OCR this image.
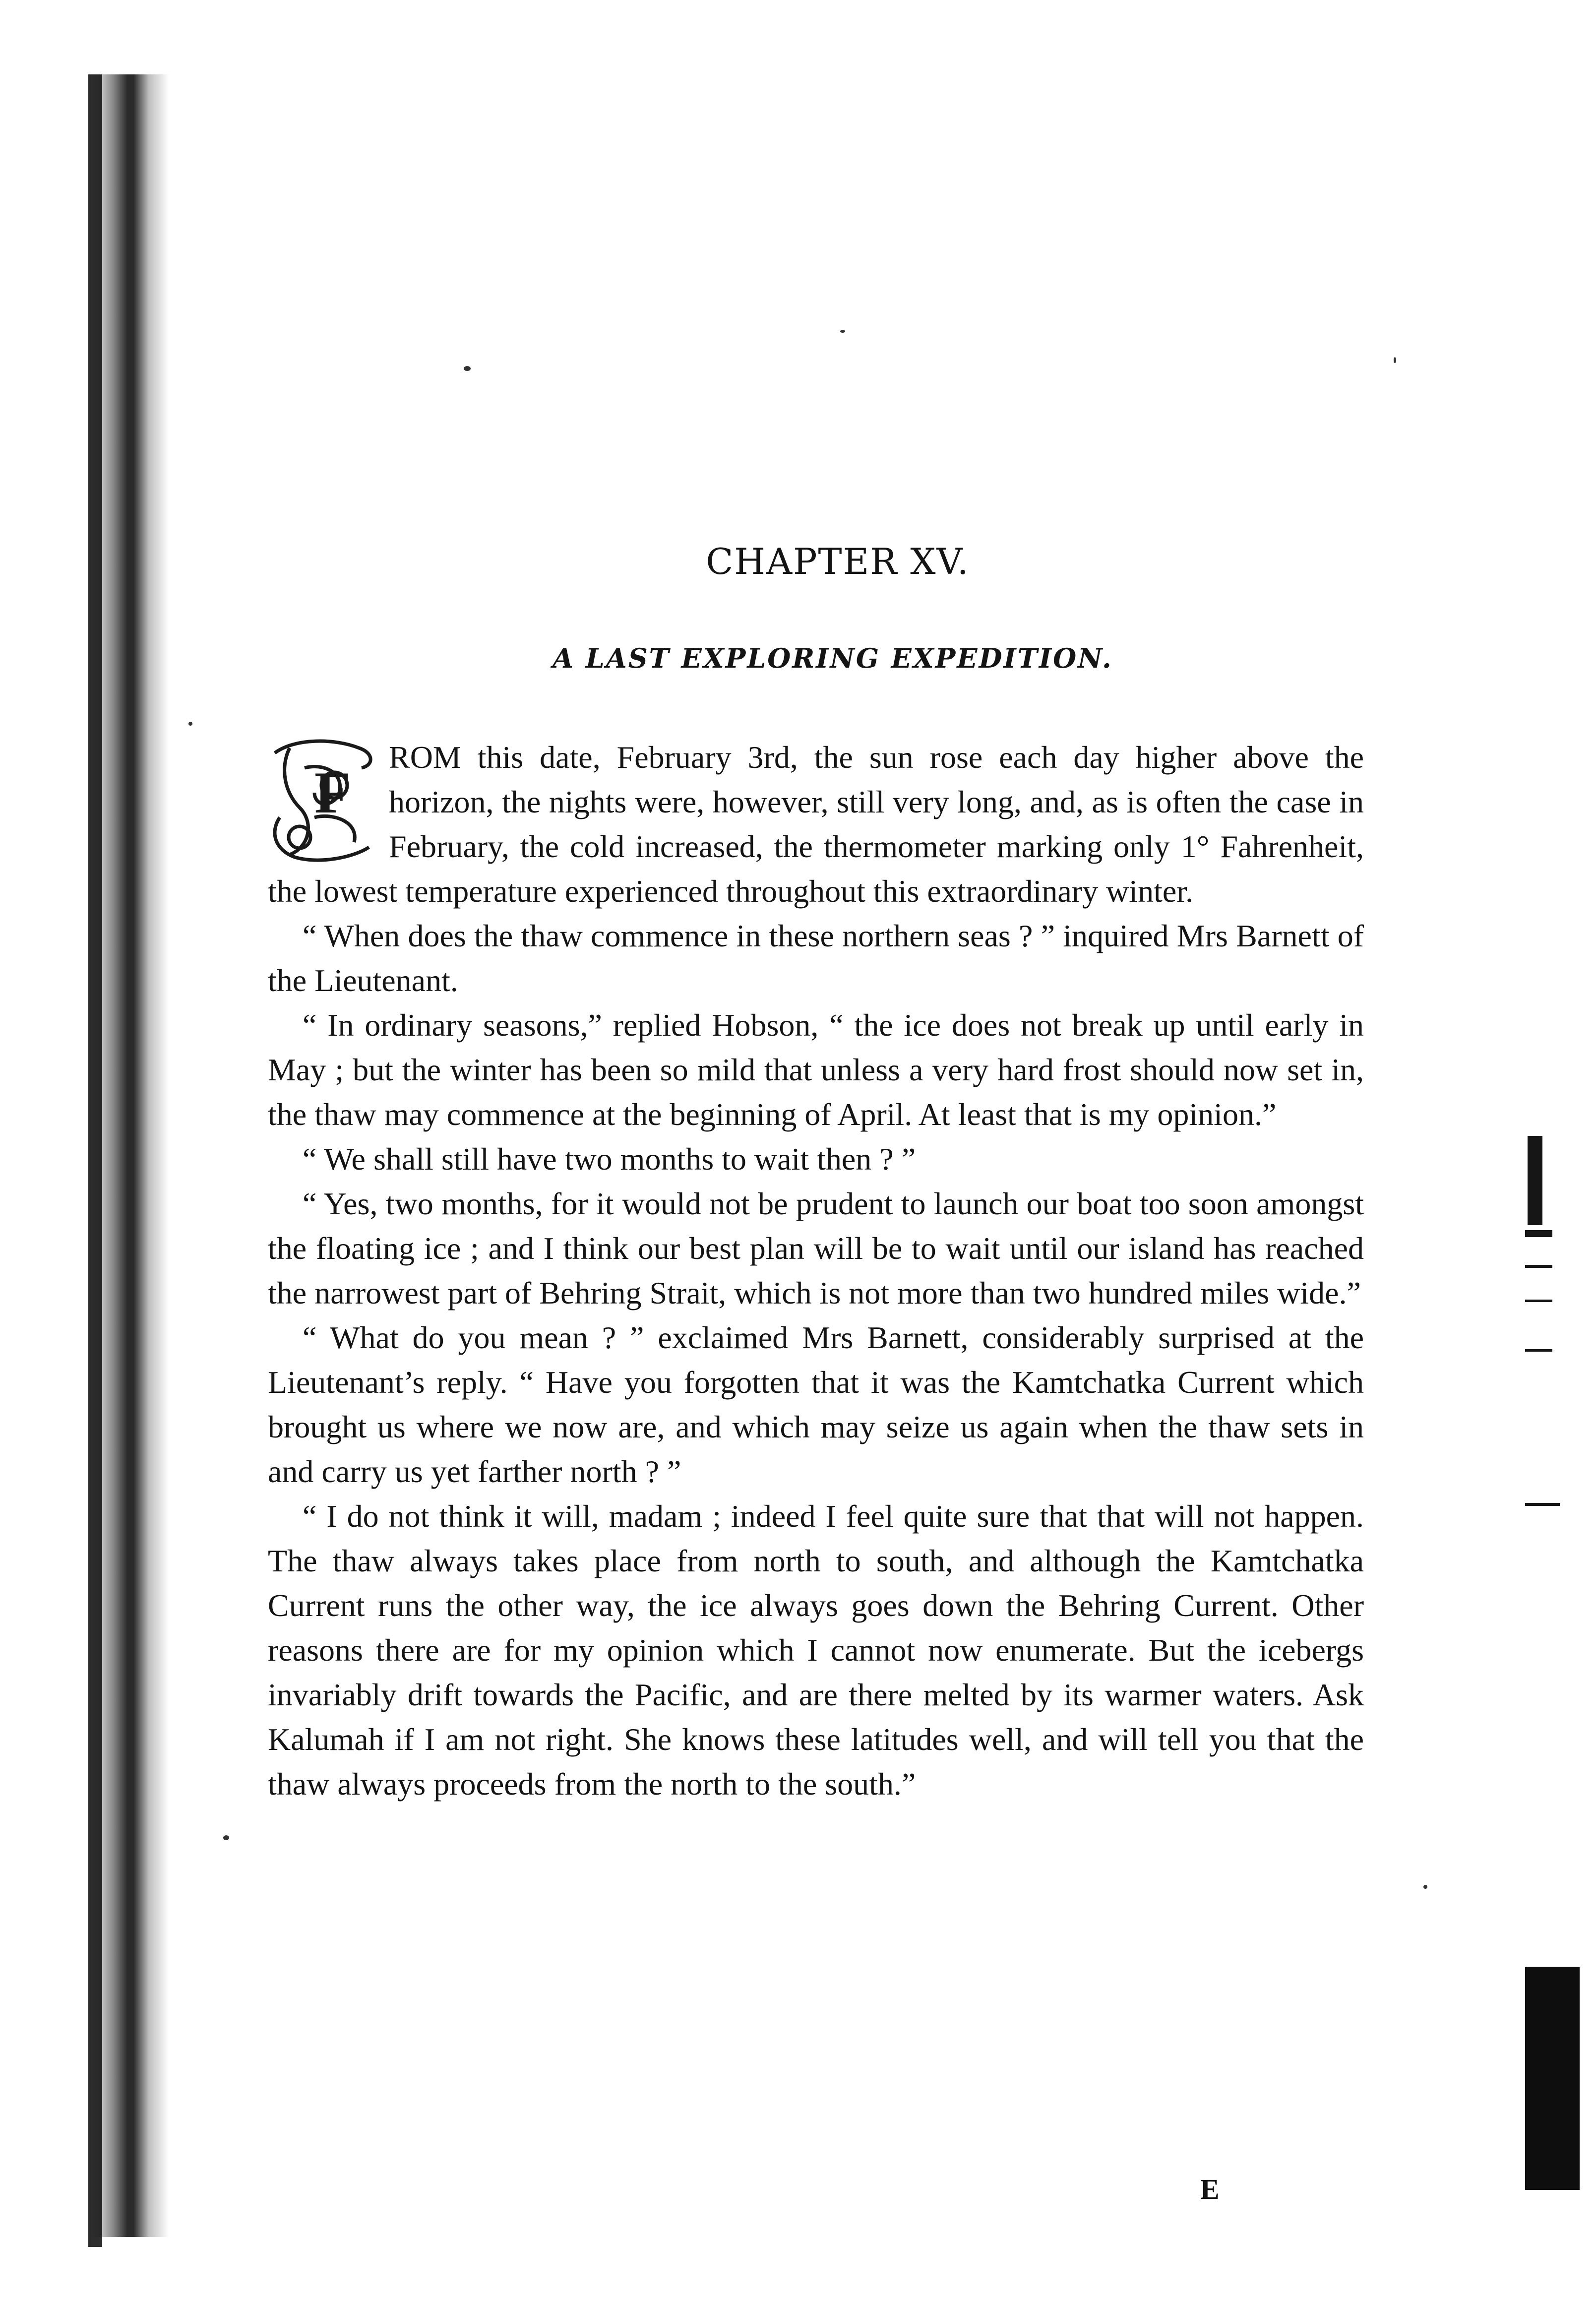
CHAPTER XV.
A LAST EXPLORING EXPEDITION.

F
ROM this date, February 3rd, the sun rose each day higher above the horizon, the nights were, however, still very long, and, as is often the case in February, the cold increased, the thermometer marking only 1° Fahrenheit, the lowest temperature experienced throughout this extraordinary winter.

“ When does the thaw commence in these northern seas ? ” inquired Mrs Barnett of the Lieutenant.

“ In ordinary seasons,” replied Hobson, “ the ice does not break up until early in May ; but the winter has been so mild that unless a very hard frost should now set in, the thaw may commence at the beginning of April. At least that is my opinion.”

“ We shall still have two months to wait then ? ”

“ Yes, two months, for it would not be prudent to launch our boat too soon amongst the floating ice ; and I think our best plan will be to wait until our island has reached the narrowest part of Behring Strait, which is not more than two hundred miles wide.”

“ What do you mean ? ” exclaimed Mrs Barnett, considerably surprised at the Lieutenant’s reply. “ Have you forgotten that it was the Kamtchatka Current which brought us where we now are, and which may seize us again when the thaw sets in and carry us yet farther north ? ”

“ I do not think it will, madam ; indeed I feel quite sure that that will not happen. The thaw always takes place from north to south, and although the Kamtchatka Current runs the other way, the ice always goes down the Behring Current. Other reasons there are for my opinion which I cannot now enumerate. But the icebergs invariably drift towards the Pacific, and are there melted by its warmer waters. Ask Kalumah if I am not right. She knows these latitudes well, and will tell you that the thaw always proceeds from the north to the south.”

E
